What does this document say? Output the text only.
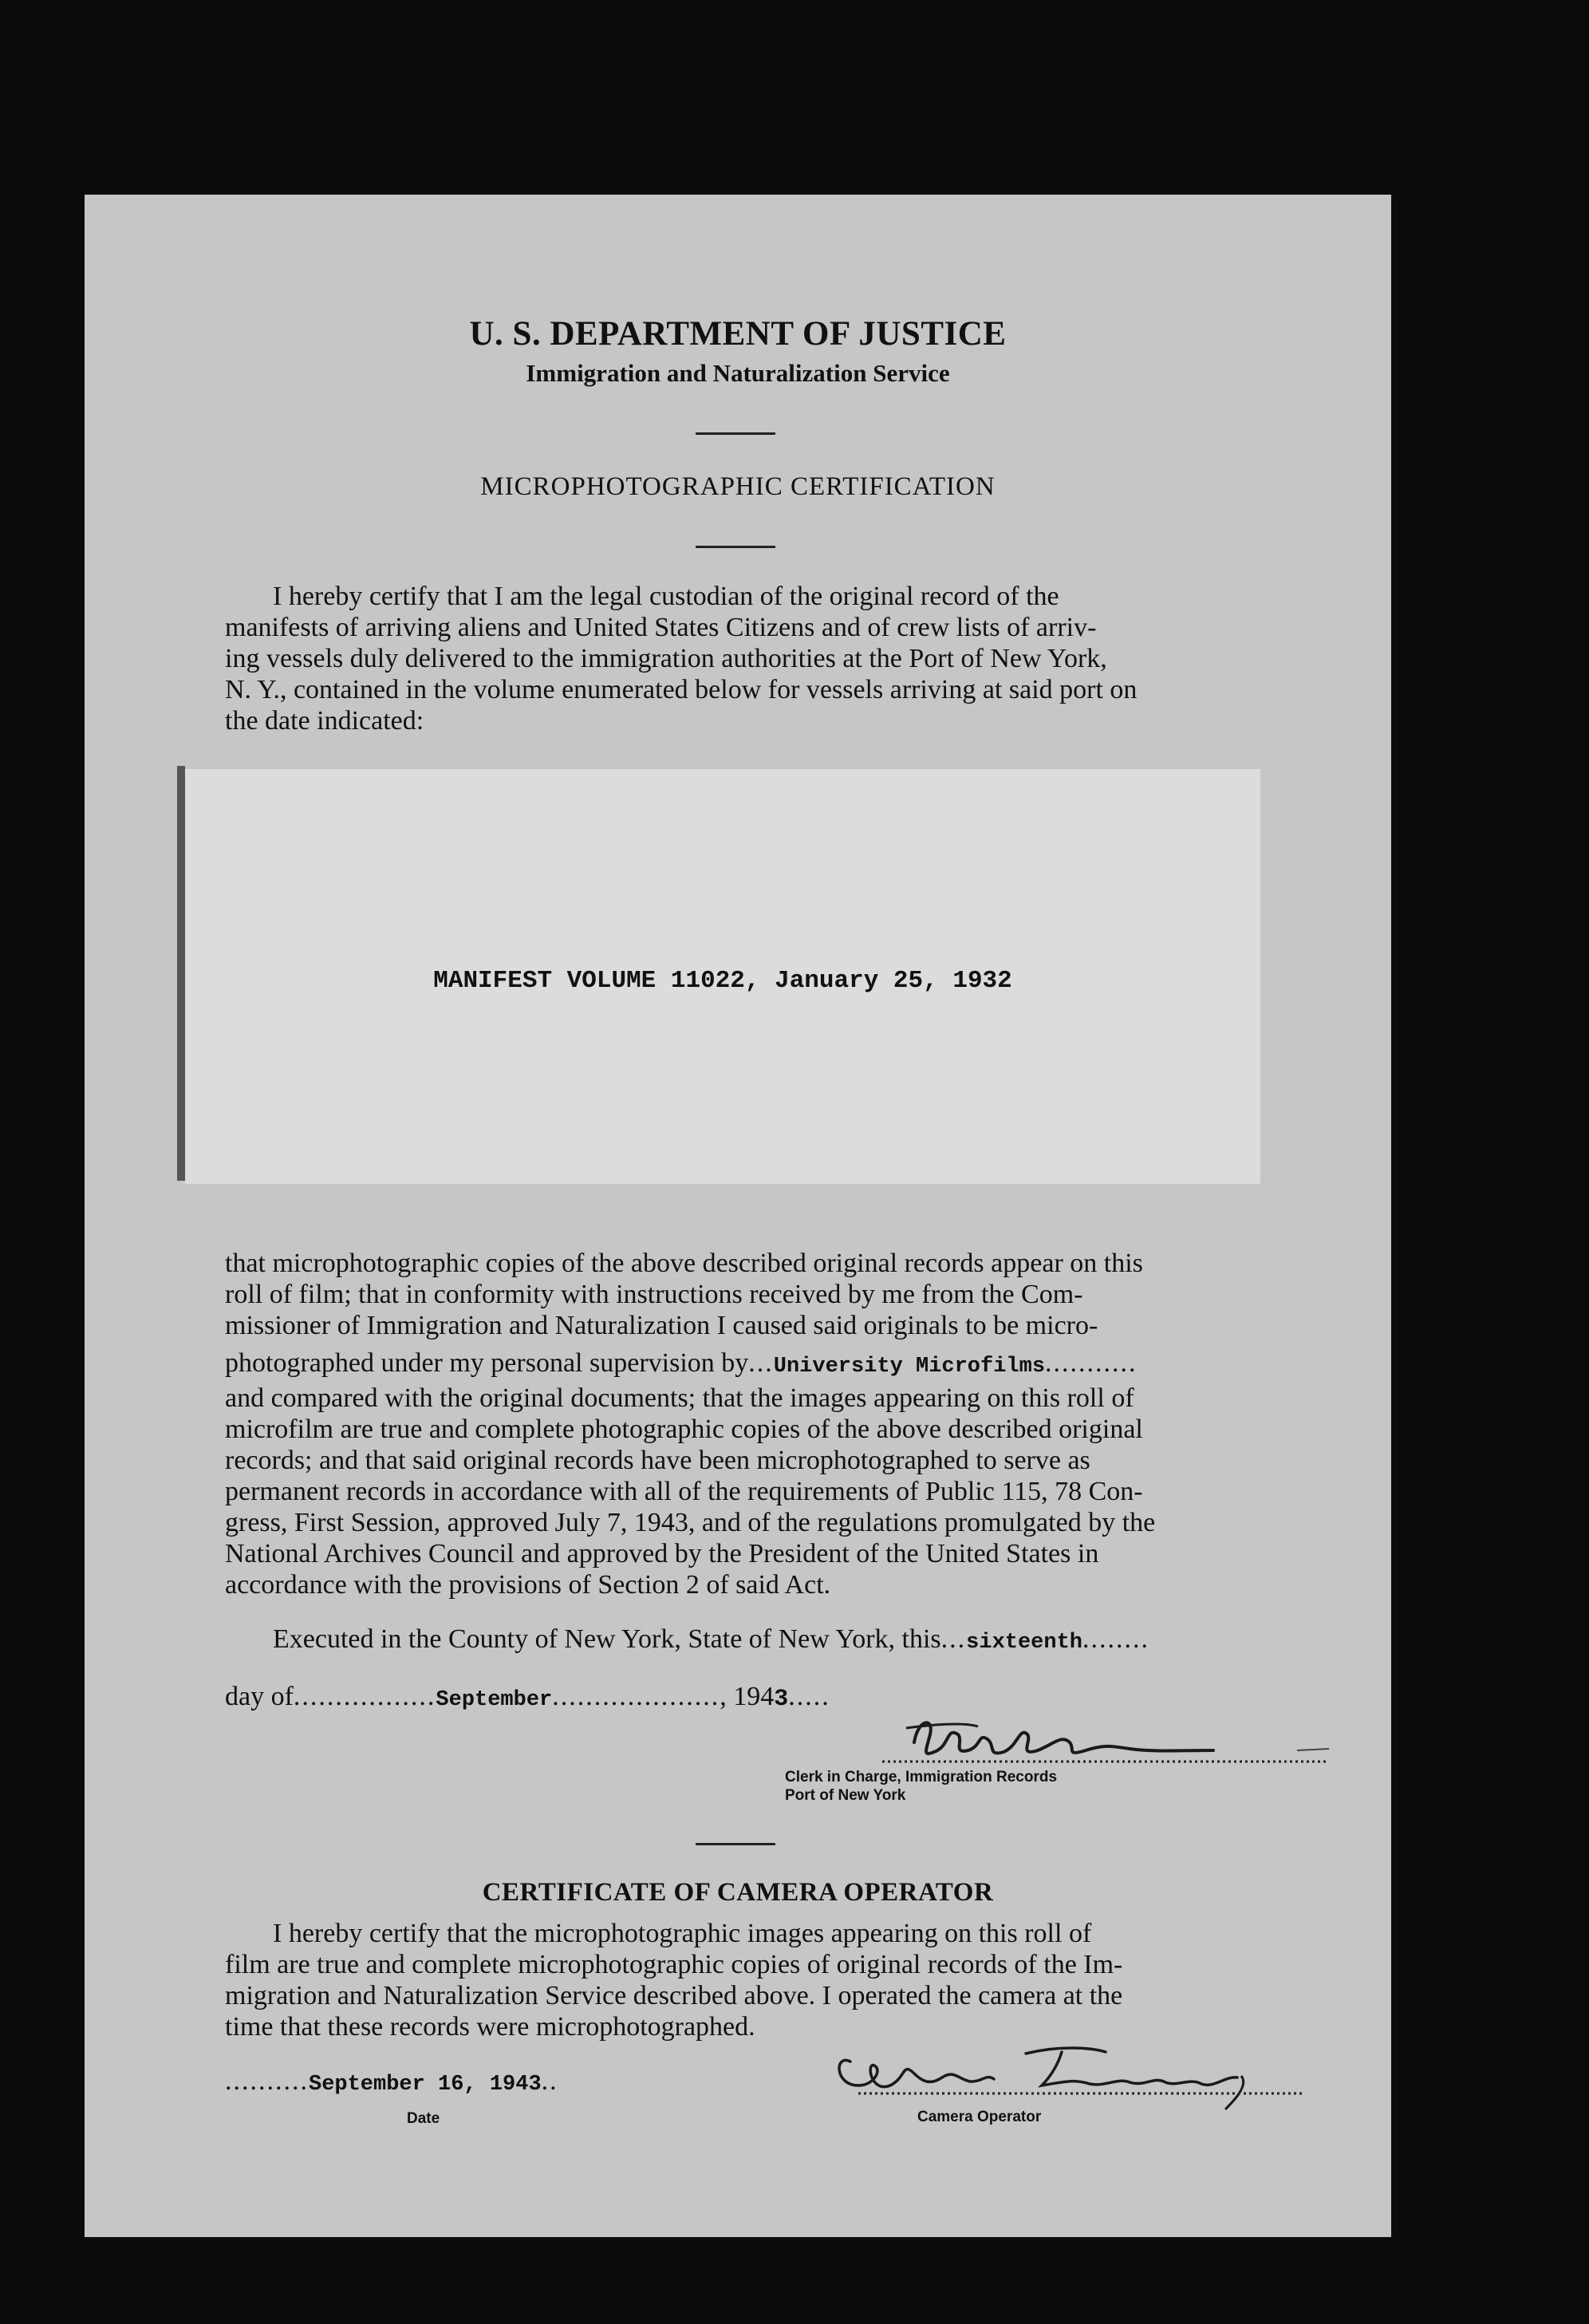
U. S. DEPARTMENT OF JUSTICE
Immigration and Naturalization Service
MICROPHOTOGRAPHIC CERTIFICATION

I hereby certify that I am the legal custodian of the original record of the

manifests of arriving aliens and United States Citizens and of crew lists of arriv-

ing vessels duly delivered to the immigration authorities at the Port of New York,

N. Y., contained in the volume enumerated below for vessels arriving at said port on

the date indicated:

MANIFEST VOLUME 11022, January 25, 1932

that microphotographic copies of the above described original records appear on this

roll of film; that in conformity with instructions received by me from the Com-

missioner of Immigration and Naturalization I caused said originals to be micro-

photographed under my personal supervision by...University Microfilms...........

and compared with the original documents; that the images appearing on this roll of

microfilm are true and complete photographic copies of the above described original

records; and that said original records have been microphotographed to serve as

permanent records in accordance with all of the requirements of Public 115, 78 Con-

gress, First Session, approved July 7, 1943, and of the regulations promulgated by the

National Archives Council and approved by the President of the United States in

accordance with the provisions of Section 2 of said Act.

Executed in the County of New York, State of New York, this...sixteenth........
day of.................September...................., 1943.....
Clerk in Charge, Immigration Records
Port of New York
CERTIFICATE OF CAMERA OPERATOR

I hereby certify that the microphotographic images appearing on this roll of

film are true and complete microphotographic copies of original records of the Im-

migration and Naturalization Service described above. I operated the camera at the

time that these records were microphotographed.

..........September 16, 1943..
Date	Camera Operator
